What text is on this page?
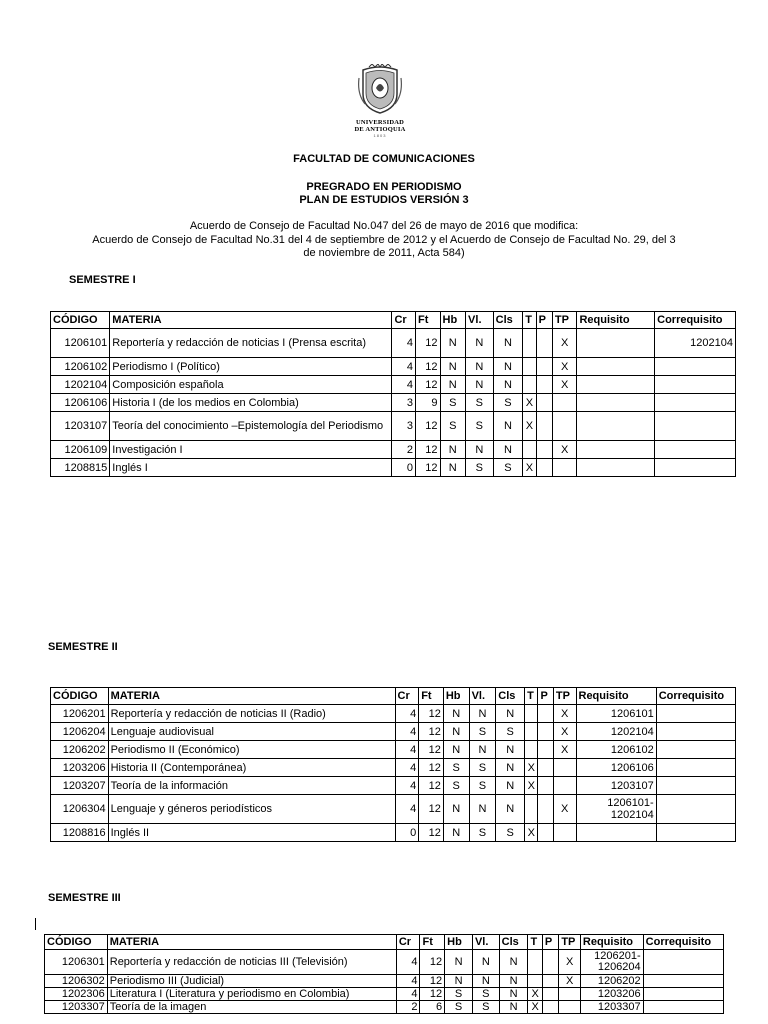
UNIVERSIDAD
DE ANTIOQUIA
1803
FACULTAD DE COMUNICACIONES
PREGRADO EN PERIODISMO
PLAN DE ESTUDIOS VERSIÓN 3
Acuerdo de Consejo de Facultad No.047 del 26 de mayo de 2016 que modifica:
Acuerdo de Consejo de Facultad No.31 del 4 de septiembre de 2012 y el Acuerdo de Consejo de Facultad No. 29, del 3
de noviembre de 2011, Acta 584)
SEMESTRE I
CÓDIGO	MATERIA	Cr	Ft	Hb	Vl.	Cls	T	P	TP	Requisito	Correquisito
1206101	Reportería y redacción de noticias I (Prensa escrita)	4	12	N	N	N			X		1202104
1206102	Periodismo I (Político)	4	12	N	N	N			X		
1202104	Composición española	4	12	N	N	N			X		
1206106	Historia I (de los medios en Colombia)	3	9	S	S	S	X				
1203107	Teoría del conocimiento –Epistemología del Periodismo	3	12	S	S	N	X				
1206109	Investigación I	2	12	N	N	N			X		
1208815	Inglés I	0	12	N	S	S	X				
SEMESTRE II
CÓDIGO	MATERIA	Cr	Ft	Hb	Vl.	Cls	T	P	TP	Requisito	Correquisito
1206201	Reportería y redacción de noticias II (Radio)	4	12	N	N	N			X	1206101	
1206204	Lenguaje audiovisual	4	12	N	S	S			X	1202104	
1206202	Periodismo II (Económico)	4	12	N	N	N			X	1206102	
1203206	Historia II (Contemporánea)	4	12	S	S	N	X			1206106	
1203207	Teoría de la información	4	12	S	S	N	X			1203107	
1206304	Lenguaje y géneros periodísticos	4	12	N	N	N			X	1206101-
1202104	
1208816	Inglés II	0	12	N	S	S	X				
SEMESTRE III
CÓDIGO	MATERIA	Cr	Ft	Hb	Vl.	Cls	T	P	TP	Requisito	Correquisito
1206301	Reportería y redacción de noticias III (Televisión)	4	12	N	N	N			X	1206201-
1206204	
1206302	Periodismo III (Judicial)	4	12	N	N	N			X	1206202	
1202306	Literatura I (Literatura y periodismo en Colombia)	4	12	S	S	N	X			1203206	
1203307	Teoría de la imagen	2	6	S	S	N	X			1203307	
